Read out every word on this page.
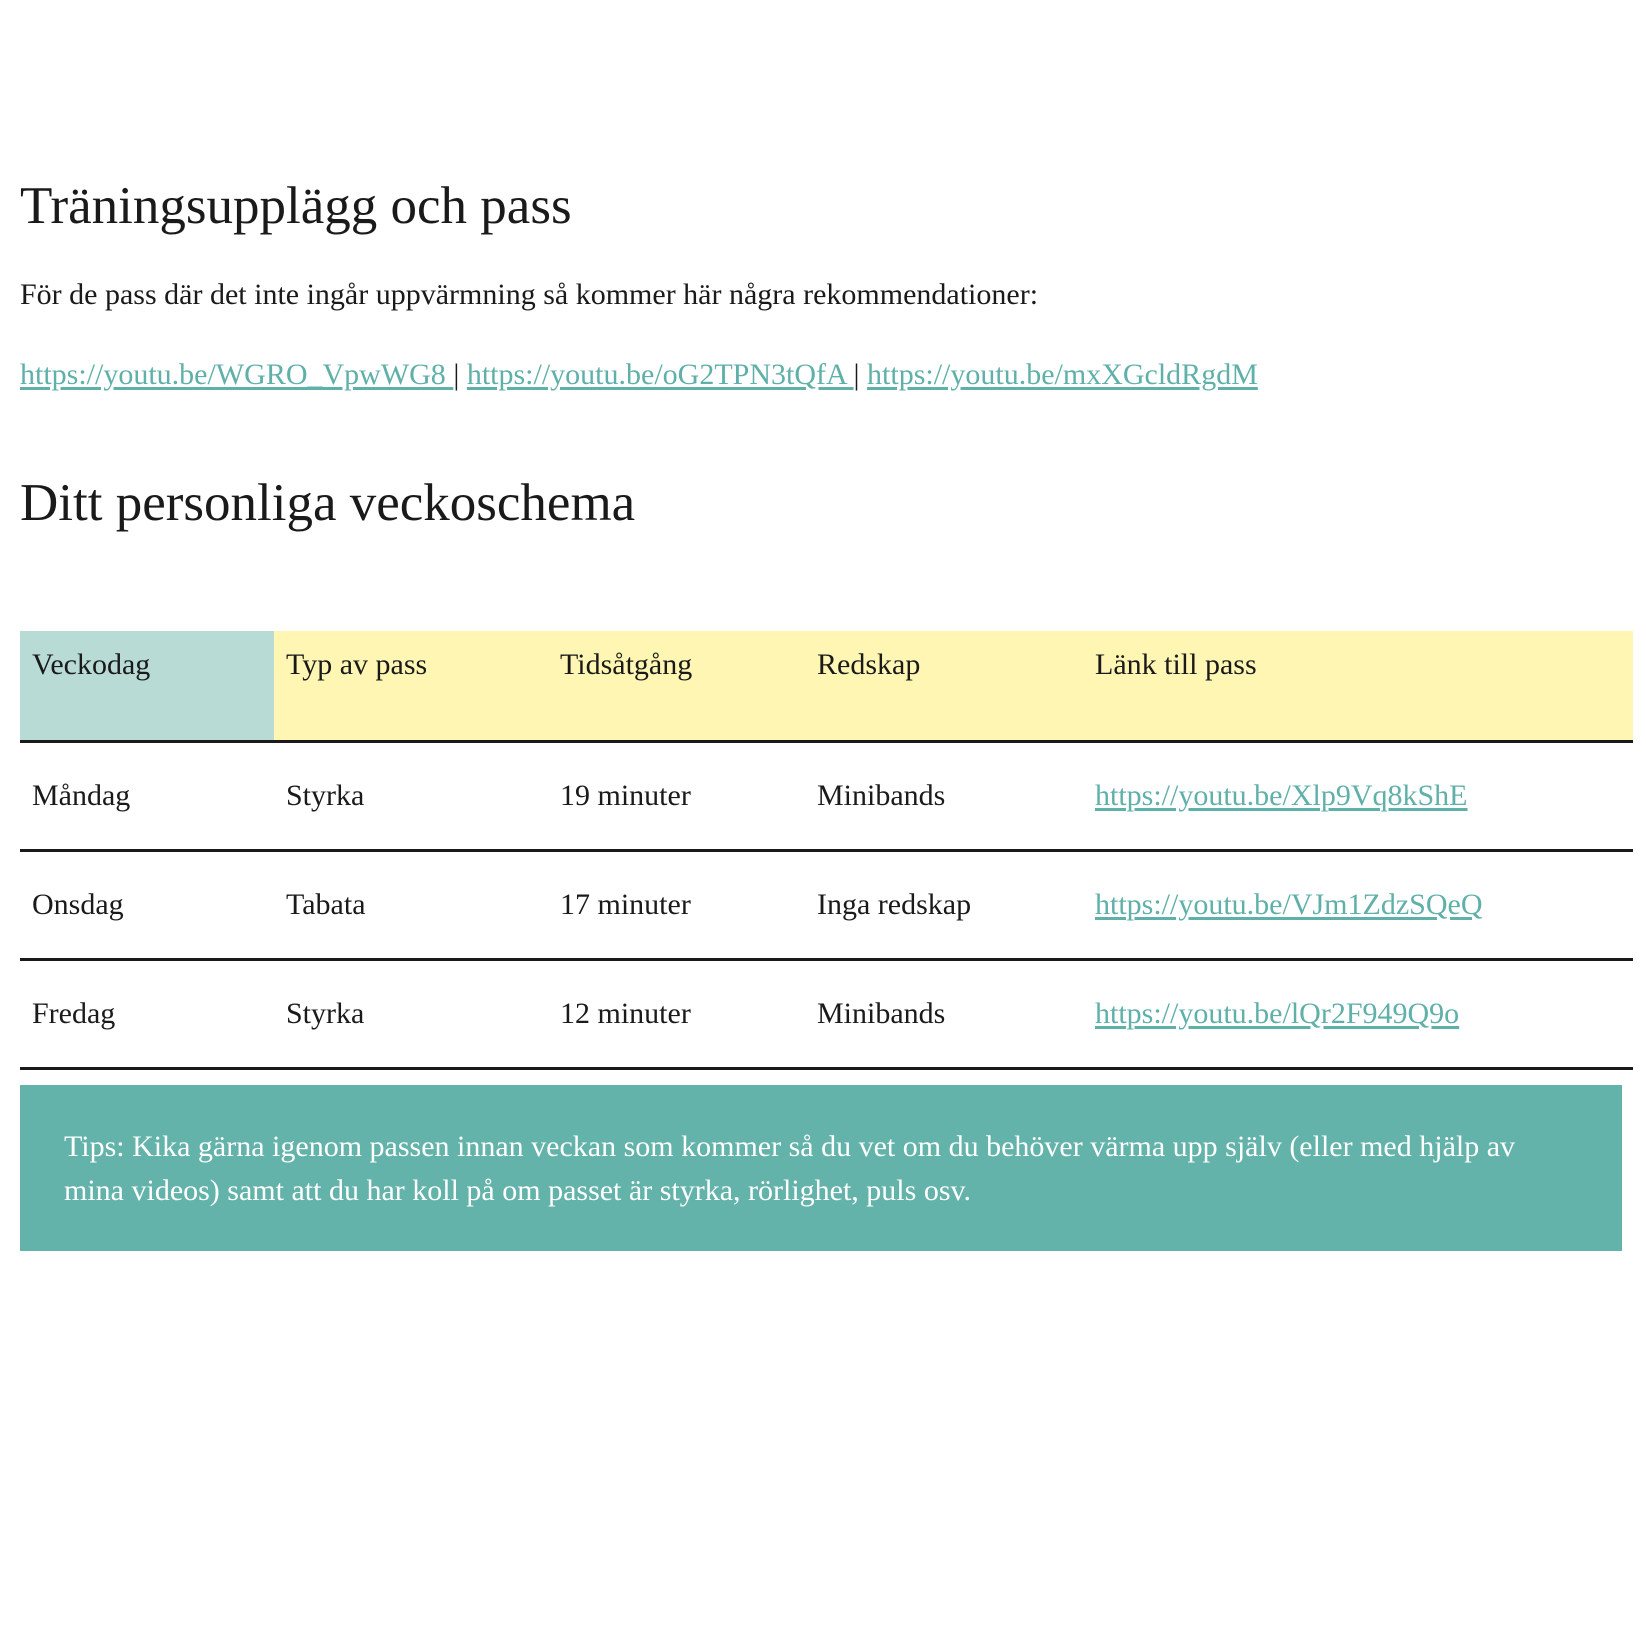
Träningsupplägg och pass

För de pass där det inte ingår uppvärmning så kommer här några rekommendationer:

https://youtu.be/WGRO_VpwWG8 | https://youtu.be/oG2TPN3tQfA | https://youtu.be/mxXGcldRgdM
Ditt personliga veckoschema
Veckodag	Typ av pass	Tidsåtgång	Redskap	Länk till pass
Måndag	Styrka	19 minuter	Minibands	https://youtu.be/Xlp9Vq8kShE
Onsdag	Tabata	17 minuter	Inga redskap	https://youtu.be/VJm1ZdzSQeQ
Fredag	Styrka	12 minuter	Minibands	https://youtu.be/lQr2F949Q9o
Tips: Kika gärna igenom passen innan veckan som kommer så du vet om du behöver värma upp själv (eller med hjälp av mina videos) samt att du har koll på om passet är styrka, rörlighet, puls osv.
